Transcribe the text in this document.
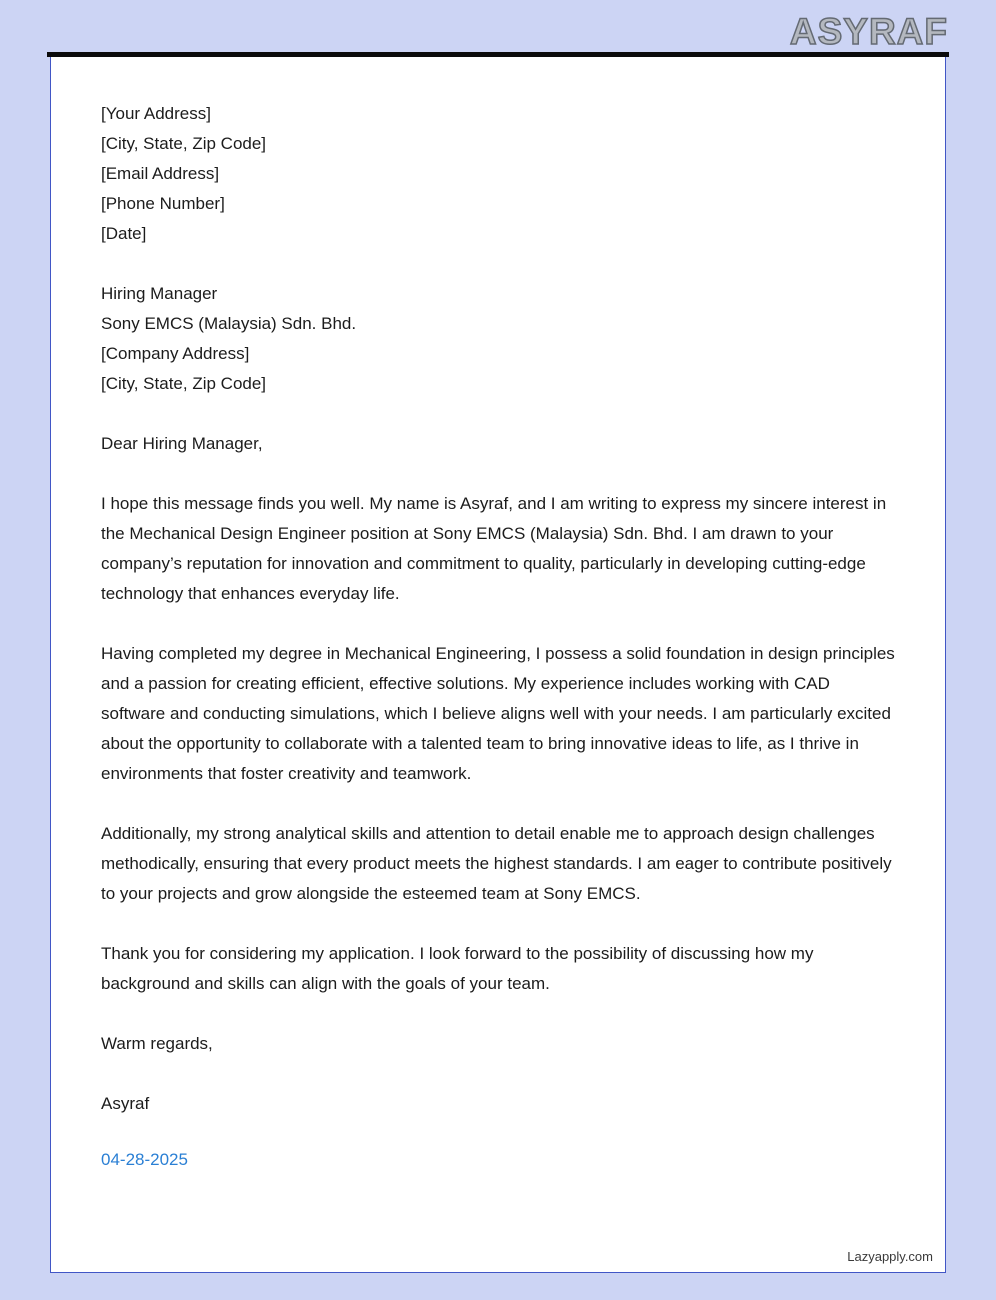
ASYRAF
[Your Address]
[City, State, Zip Code]
[Email Address]
[Phone Number]
[Date]
Hiring Manager
Sony EMCS (Malaysia) Sdn. Bhd.
[Company Address]
[City, State, Zip Code]
Dear Hiring Manager,

I hope this message finds you well. My name is Asyraf, and I am writing to express my sincere interest in the Mechanical Design Engineer position at Sony EMCS (Malaysia) Sdn. Bhd. I am drawn to your company’s reputation for innovation and commitment to quality, particularly in developing cutting-edge technology that enhances everyday life.

Having completed my degree in Mechanical Engineering, I possess a solid foundation in design principles and a passion for creating efficient, effective solutions. My experience includes working with CAD software and conducting simulations, which I believe aligns well with your needs. I am particularly excited about the opportunity to collaborate with a talented team to bring innovative ideas to life, as I thrive in environments that foster creativity and teamwork.

Additionally, my strong analytical skills and attention to detail enable me to approach design challenges methodically, ensuring that every product meets the highest standards. I am eager to contribute positively to your projects and grow alongside the esteemed team at Sony EMCS.

Thank you for considering my application. I look forward to the possibility of discussing how my background and skills can align with the goals of your team.

Warm regards,
Asyraf
04-28-2025
Lazyapply.com
